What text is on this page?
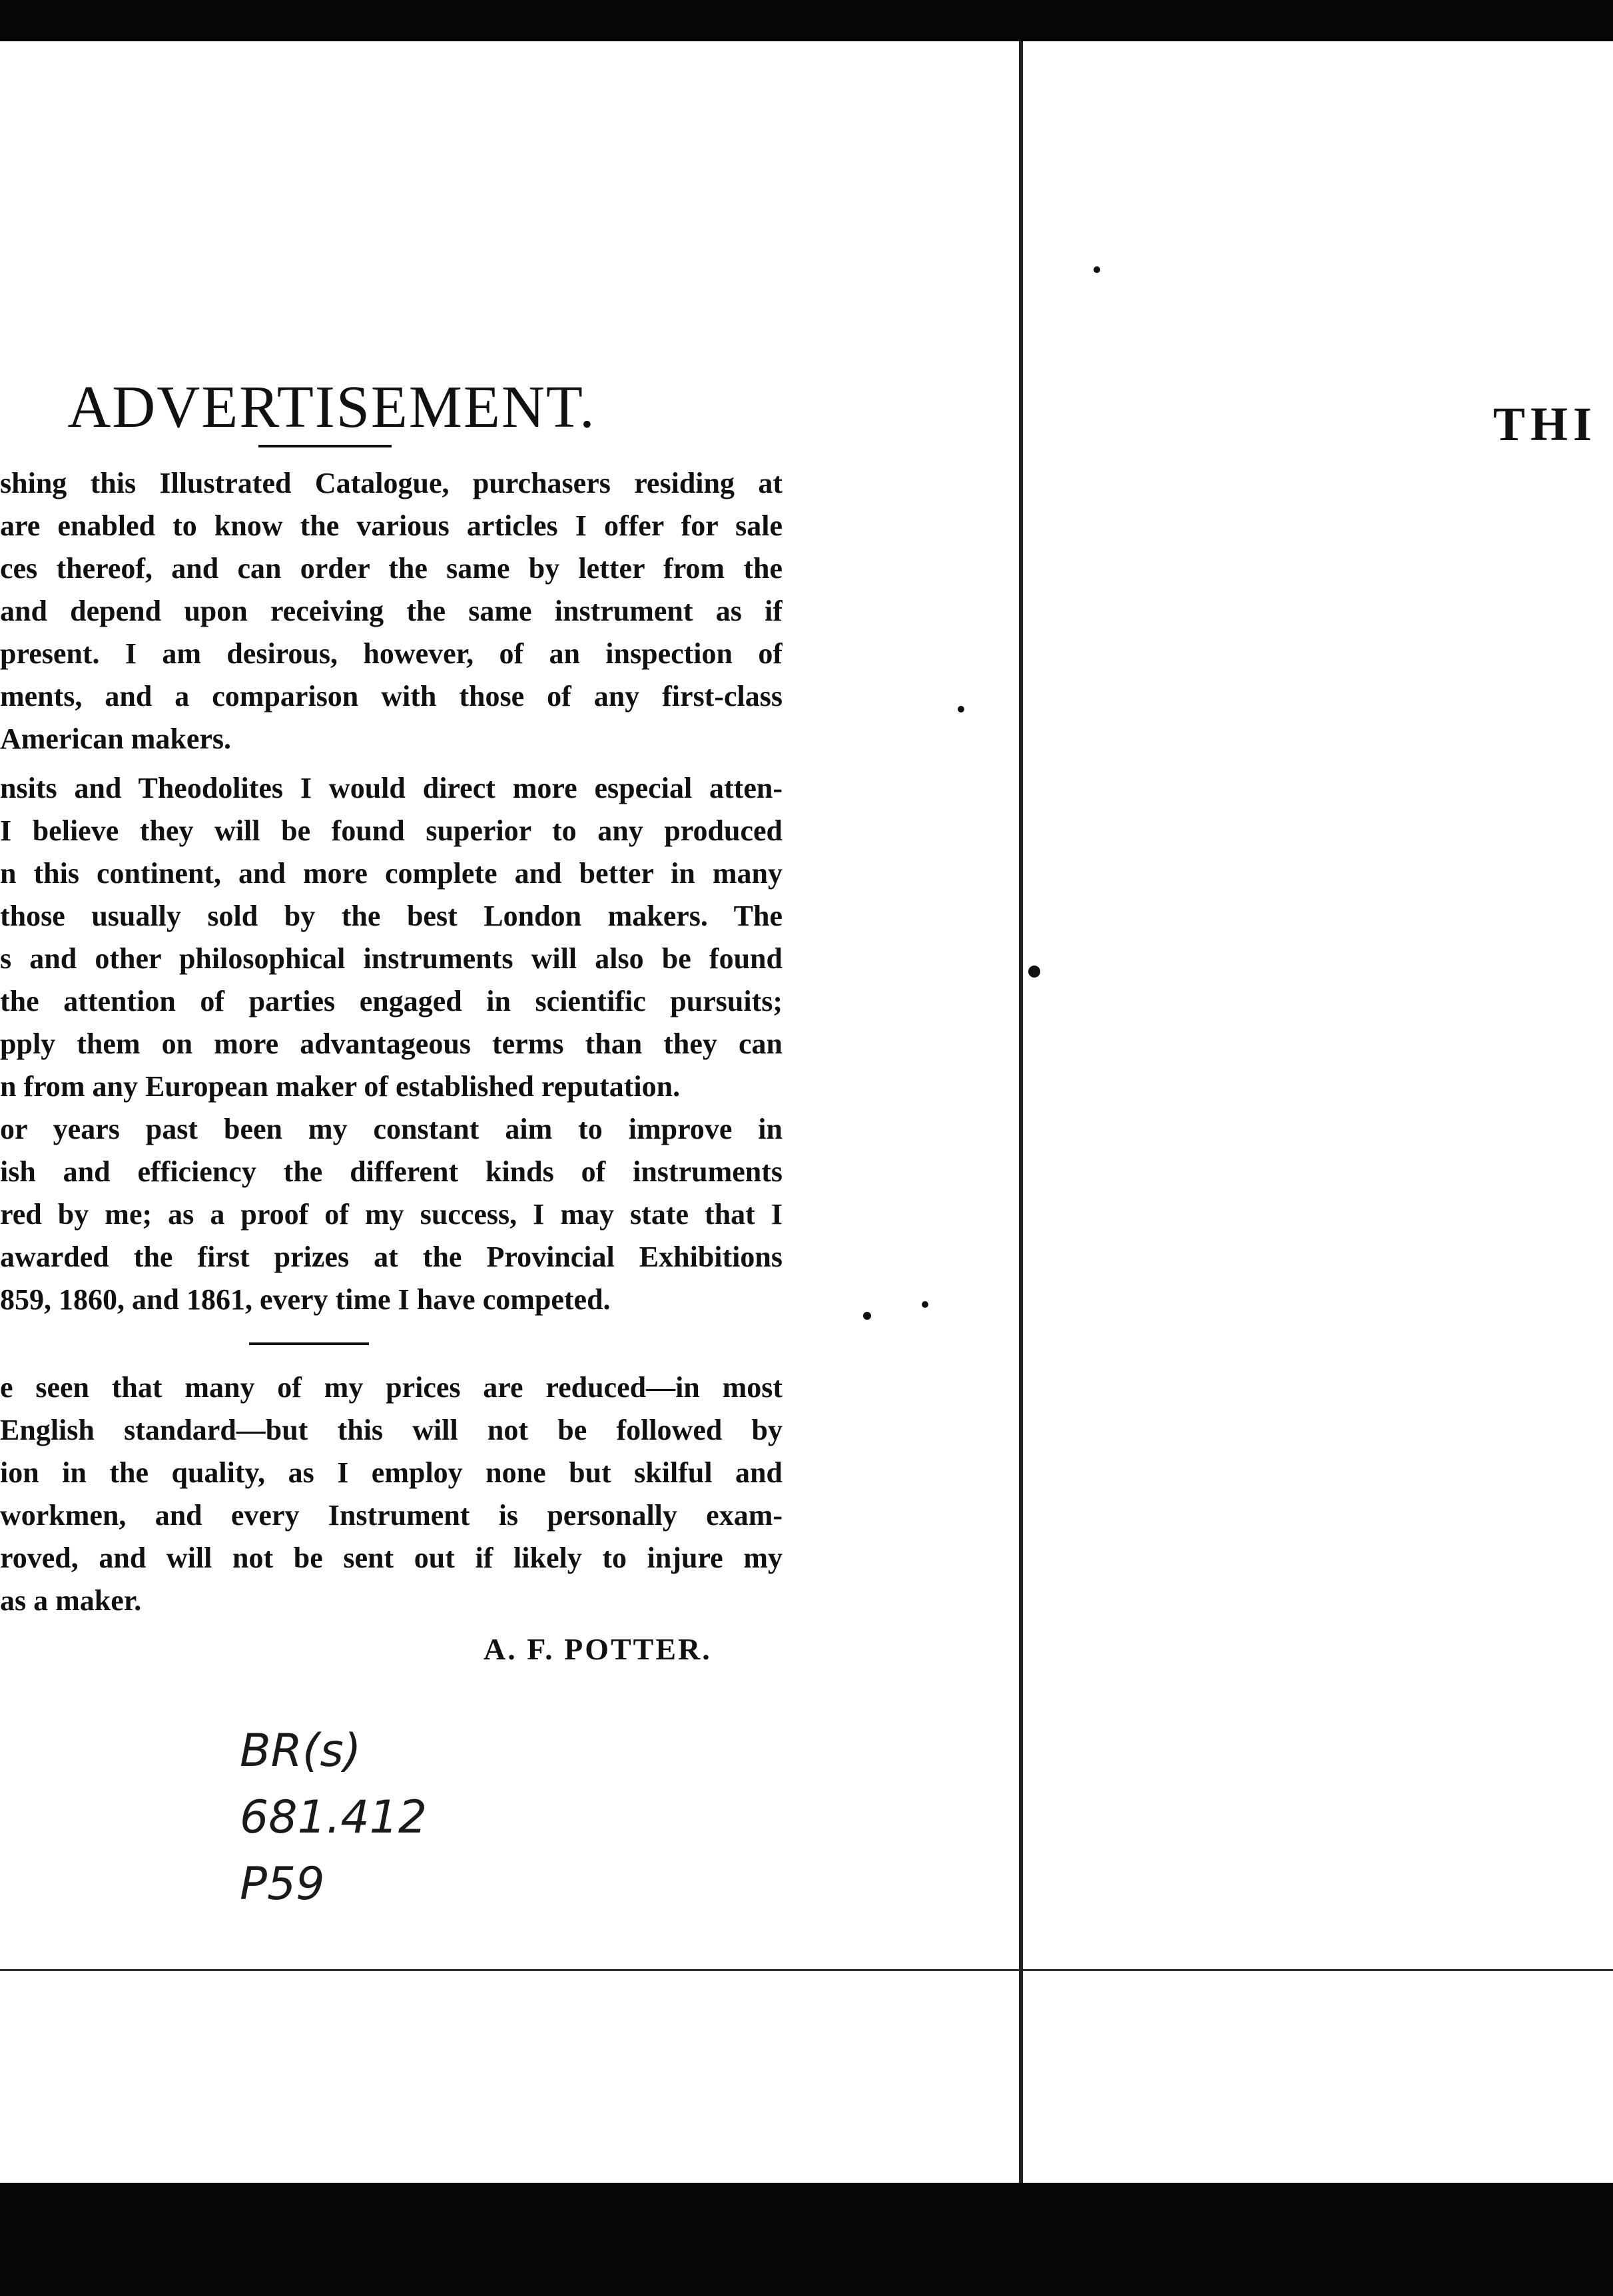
ADVERTISEMENT.
shing this Illustrated Catalogue, purchasers residing at
are enabled to know the various articles I offer for sale
ces thereof, and can order the same by letter from the
and depend upon receiving the same instrument as if
present. I am desirous, however, of an inspection of
ments, and a comparison with those of any first-class
American makers.
nsits and Theodolites I would direct more especial atten-
I believe they will be found superior to any produced
n this continent, and more complete and better in many
those usually sold by the best London makers. The
s and other philosophical instruments will also be found
the attention of parties engaged in scientific pursuits;
pply them on more advantageous terms than they can
n from any European maker of established reputation.
or years past been my constant aim to improve in
ish and efficiency the different kinds of instruments
red by me; as a proof of my success, I may state that I
awarded the first prizes at the Provincial Exhibitions
859, 1860, and 1861, every time I have competed.
e seen that many of my prices are reduced—in most
English standard—but this will not be followed by
ion in the quality, as I employ none but skilful and
workmen, and every Instrument is personally exam-
roved, and will not be sent out if likely to injure my
as a maker.
A. F. POTTER.
BR(s)
681.412
P59
THI
